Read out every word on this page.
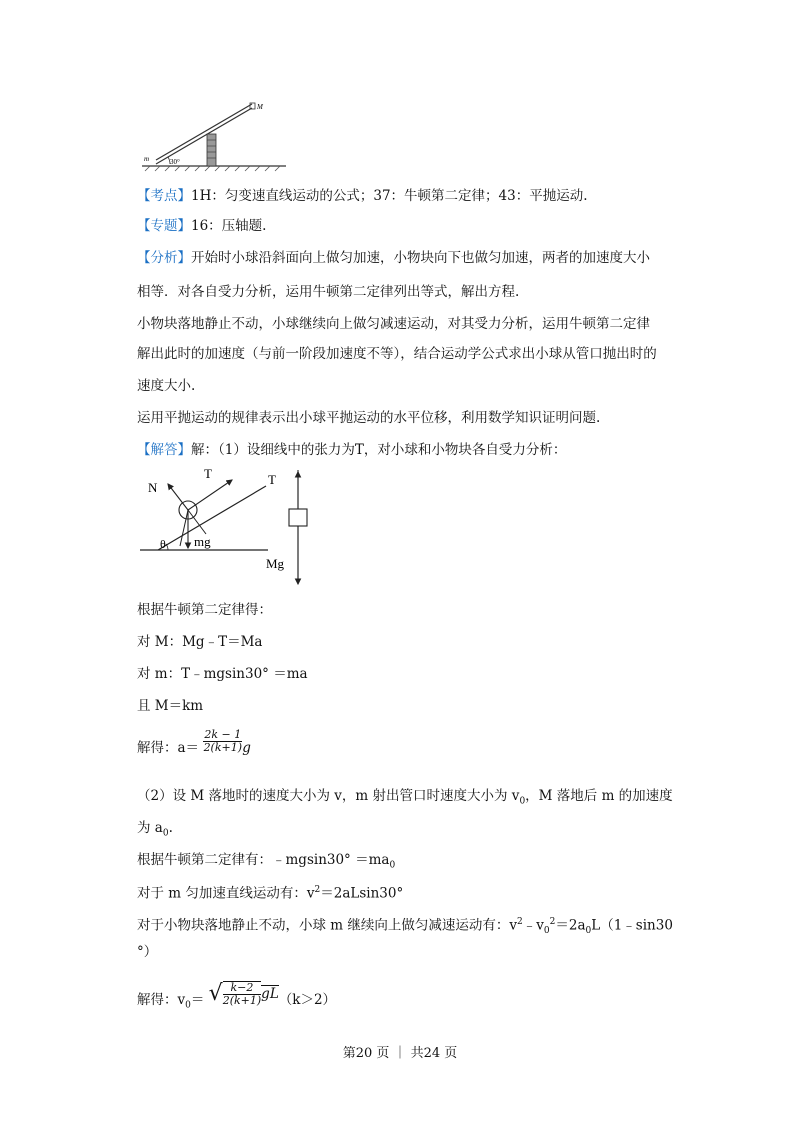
M
m	30°
【考点】1H：匀变速直线运动的公式；37：牛顿第二定律；43：平抛运动.
【专题】16：压轴题.
【分析】开始时小球沿斜面向上做匀加速，小物块向下也做匀加速，两者的加速度大小
相等．对各自受力分析，运用牛顿第二定律列出等式，解出方程.
小物块落地静止不动，小球继续向上做匀减速运动，对其受力分析，运用牛顿第二定律
解出此时的加速度（与前一阶段加速度不等），结合运动学公式求出小球从管口抛出时的
速度大小.
运用平抛运动的规律表示出小球平抛运动的水平位移，利用数学知识证明问题.
【解答】解：（1）设细线中的张力为T，对小球和小物块各自受力分析：
N
T	T
θ mg
Mg
根据牛顿第二定律得：
对 M：Mg﹣T＝Ma
对 m：T﹣mgsin30° ＝ma
且 M＝km
解得：$a= \frac{2k - 1}{2(k+1)}$ g
（2）设 M 落地时的速度大小为 v，m 射出管口时速度大小为 $v_0$，M 落地后 m 的加速度
为 $a_0$.
根据牛顿第二定律有：﹣mgsin30° $=ma_0$
对于 m 匀加速直线运动有：$v^2=2aLsin30^\circ$
对于小物块落地静止不动，小球 m 继续向上做匀减速运动有：$v^2﹣v_0^2=2a_0L(1﹣\sin 30$
°）
解得：$v_0=$ √ $\frac{k-2}{2(k+1)} gL(k>2)$
第20 页 ｜ 共24 页
